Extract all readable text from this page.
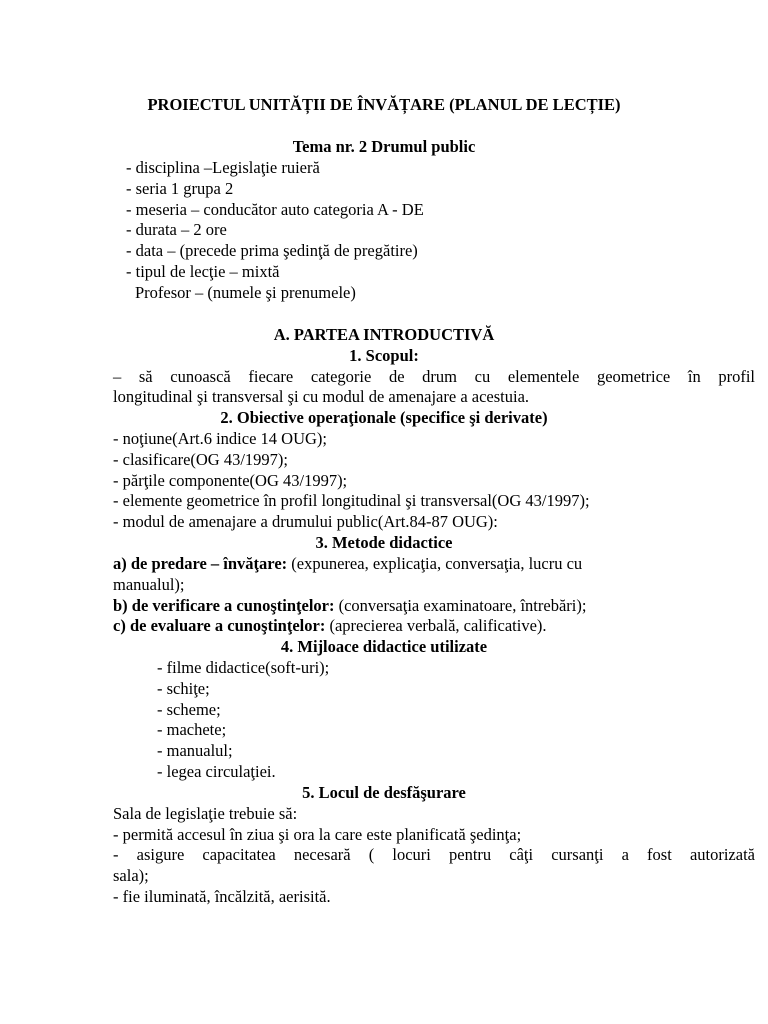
PROIECTUL UNITĂȚII DE ÎNVĂȚARE (PLANUL DE LECȚIE)
Tema nr. 2 Drumul public
- disciplina –Legislaţie ruieră
- seria 1 grupa 2
- meseria – conducător auto categoria A - DE
- durata – 2 ore
- data – (precede prima şedinţă de pregătire)
- tipul de lecţie – mixtă
Profesor – (numele şi prenumele)
A. PARTEA INTRODUCTIVĂ
1. Scopul:
– să cunoască fiecare categorie de drum cu elementele geometrice în profil
longitudinal şi transversal şi cu modul de amenajare a acestuia.
2. Obiective operaţionale (specifice şi derivate)
- noţiune(Art.6 indice 14 OUG);
- clasificare(OG 43/1997);
- părţile componente(OG 43/1997);
- elemente geometrice în profil longitudinal şi transversal(OG 43/1997);
- modul de amenajare a drumului public(Art.84-87 OUG):
3. Metode didactice
a) de predare – învăţare: (expunerea, explicaţia, conversaţia, lucru cu
manualul);
b) de verificare a cunoştinţelor: (conversaţia examinatoare, întrebări);
c) de evaluare a cunoştinţelor: (aprecierea verbală, calificative).
4. Mijloace didactice utilizate
- filme didactice(soft-uri);
- schiţe;
- scheme;
- machete;
- manualul;
- legea circulaţiei.
5. Locul de desfăşurare
Sala de legislaţie trebuie să:
- permită accesul în ziua şi ora la care este planificată şedinţa;
- asigure capacitatea necesară ( locuri pentru câţi cursanţi a fost autorizată
sala);
- fie iluminată, încălzită, aerisită.
